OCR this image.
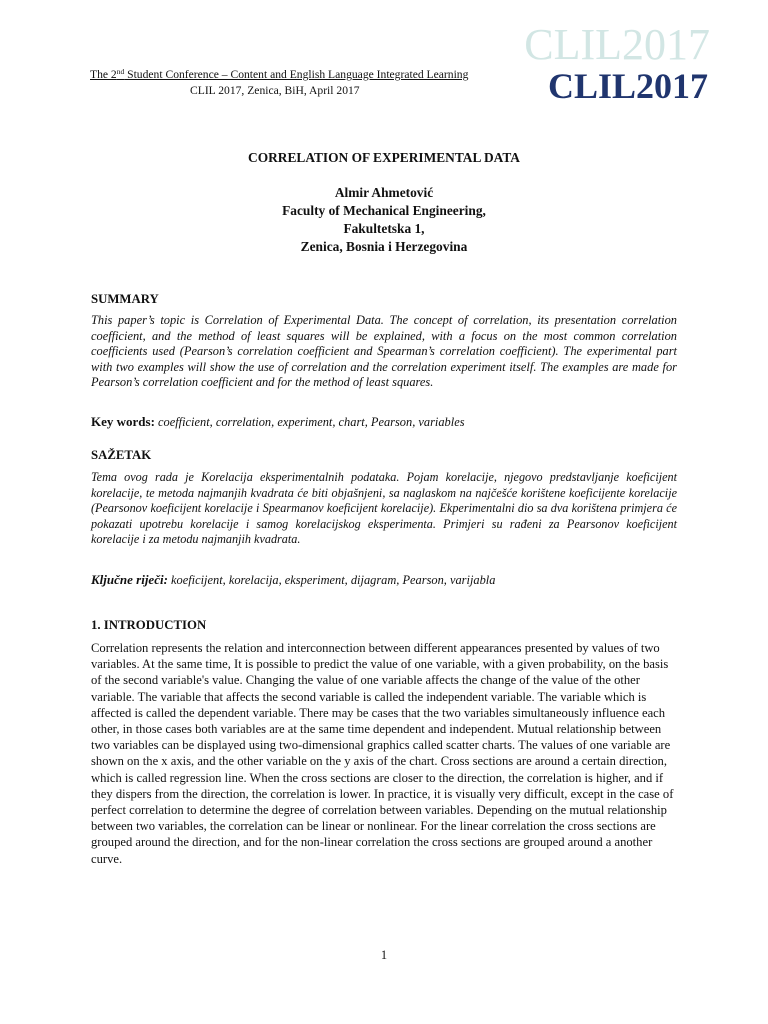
The 2nd Student Conference – Content and English Language Integrated Learning
CLIL 2017, Zenica, BiH, April 2017
CLIL2017
CLIL2017
CORRELATION OF EXPERIMENTAL DATA
Almir Ahmetović
Faculty of Mechanical Engineering,
Fakultetska 1,
Zenica, Bosnia i Herzegovina
SUMMARY
This paper’s topic is Correlation of Experimental Data. The concept of correlation, its presentation correlation coefficient, and the method of least squares will be explained, with a focus on the most common correlation coefficients used (Pearson’s correlation coefficient and Spearman’s correlation coefficient). The experimental part with two examples will show the use of correlation and the correlation experiment itself. The examples are made for Pearson’s correlation coefficient and for the method of least squares.
Key words: coefficient, correlation, experiment, chart, Pearson, variables
SAŽETAK
Tema ovog rada je Korelacija eksperimentalnih podataka. Pojam korelacije, njegovo predstavljanje koeficijent korelacije, te metoda najmanjih kvadrata će biti objašnjeni, sa naglaskom na najčešće korištene koeficijente korelacije (Pearsonov koeficijent korelacije i Spearmanov koeficijent korelacije). Ekperimentalni dio sa dva korištena primjera će pokazati upotrebu korelacije i samog korelacijskog eksperimenta. Primjeri su rađeni za Pearsonov koeficijent korelacije i za metodu najmanjih kvadrata.
Ključne riječi: koeficijent, korelacija, eksperiment, dijagram, Pearson, varijabla
1. INTRODUCTION
Correlation represents the relation and interconnection between different appearances presented by values of two variables. At the same time, It is possible to predict the value of one variable, with a given probability, on the basis of the second variable's value. Changing the value of one variable affects the change of the value of the other variable. The variable that affects the second variable is called the independent variable. The variable which is affected is called the dependent variable. There may be cases that the two variables simultaneously influence each other, in those cases both variables are at the same time dependent and independent. Mutual relationship between two variables can be displayed using two-dimensional graphics called scatter charts. The values of one variable are shown on the x axis, and the other variable on the y axis of the chart. Cross sections are around a certain direction, which is called regression line. When the cross sections are closer to the direction, the correlation is higher, and if they dispers from the direction, the correlation is lower. In practice, it is visually very difficult, except in the case of perfect correlation to determine the degree of correlation between variables. Depending on the mutual relationship between two variables, the correlation can be linear or nonlinear. For the linear correlation the cross sections are grouped around the direction, and for the non-linear correlation the cross sections are grouped around a another curve.
1
